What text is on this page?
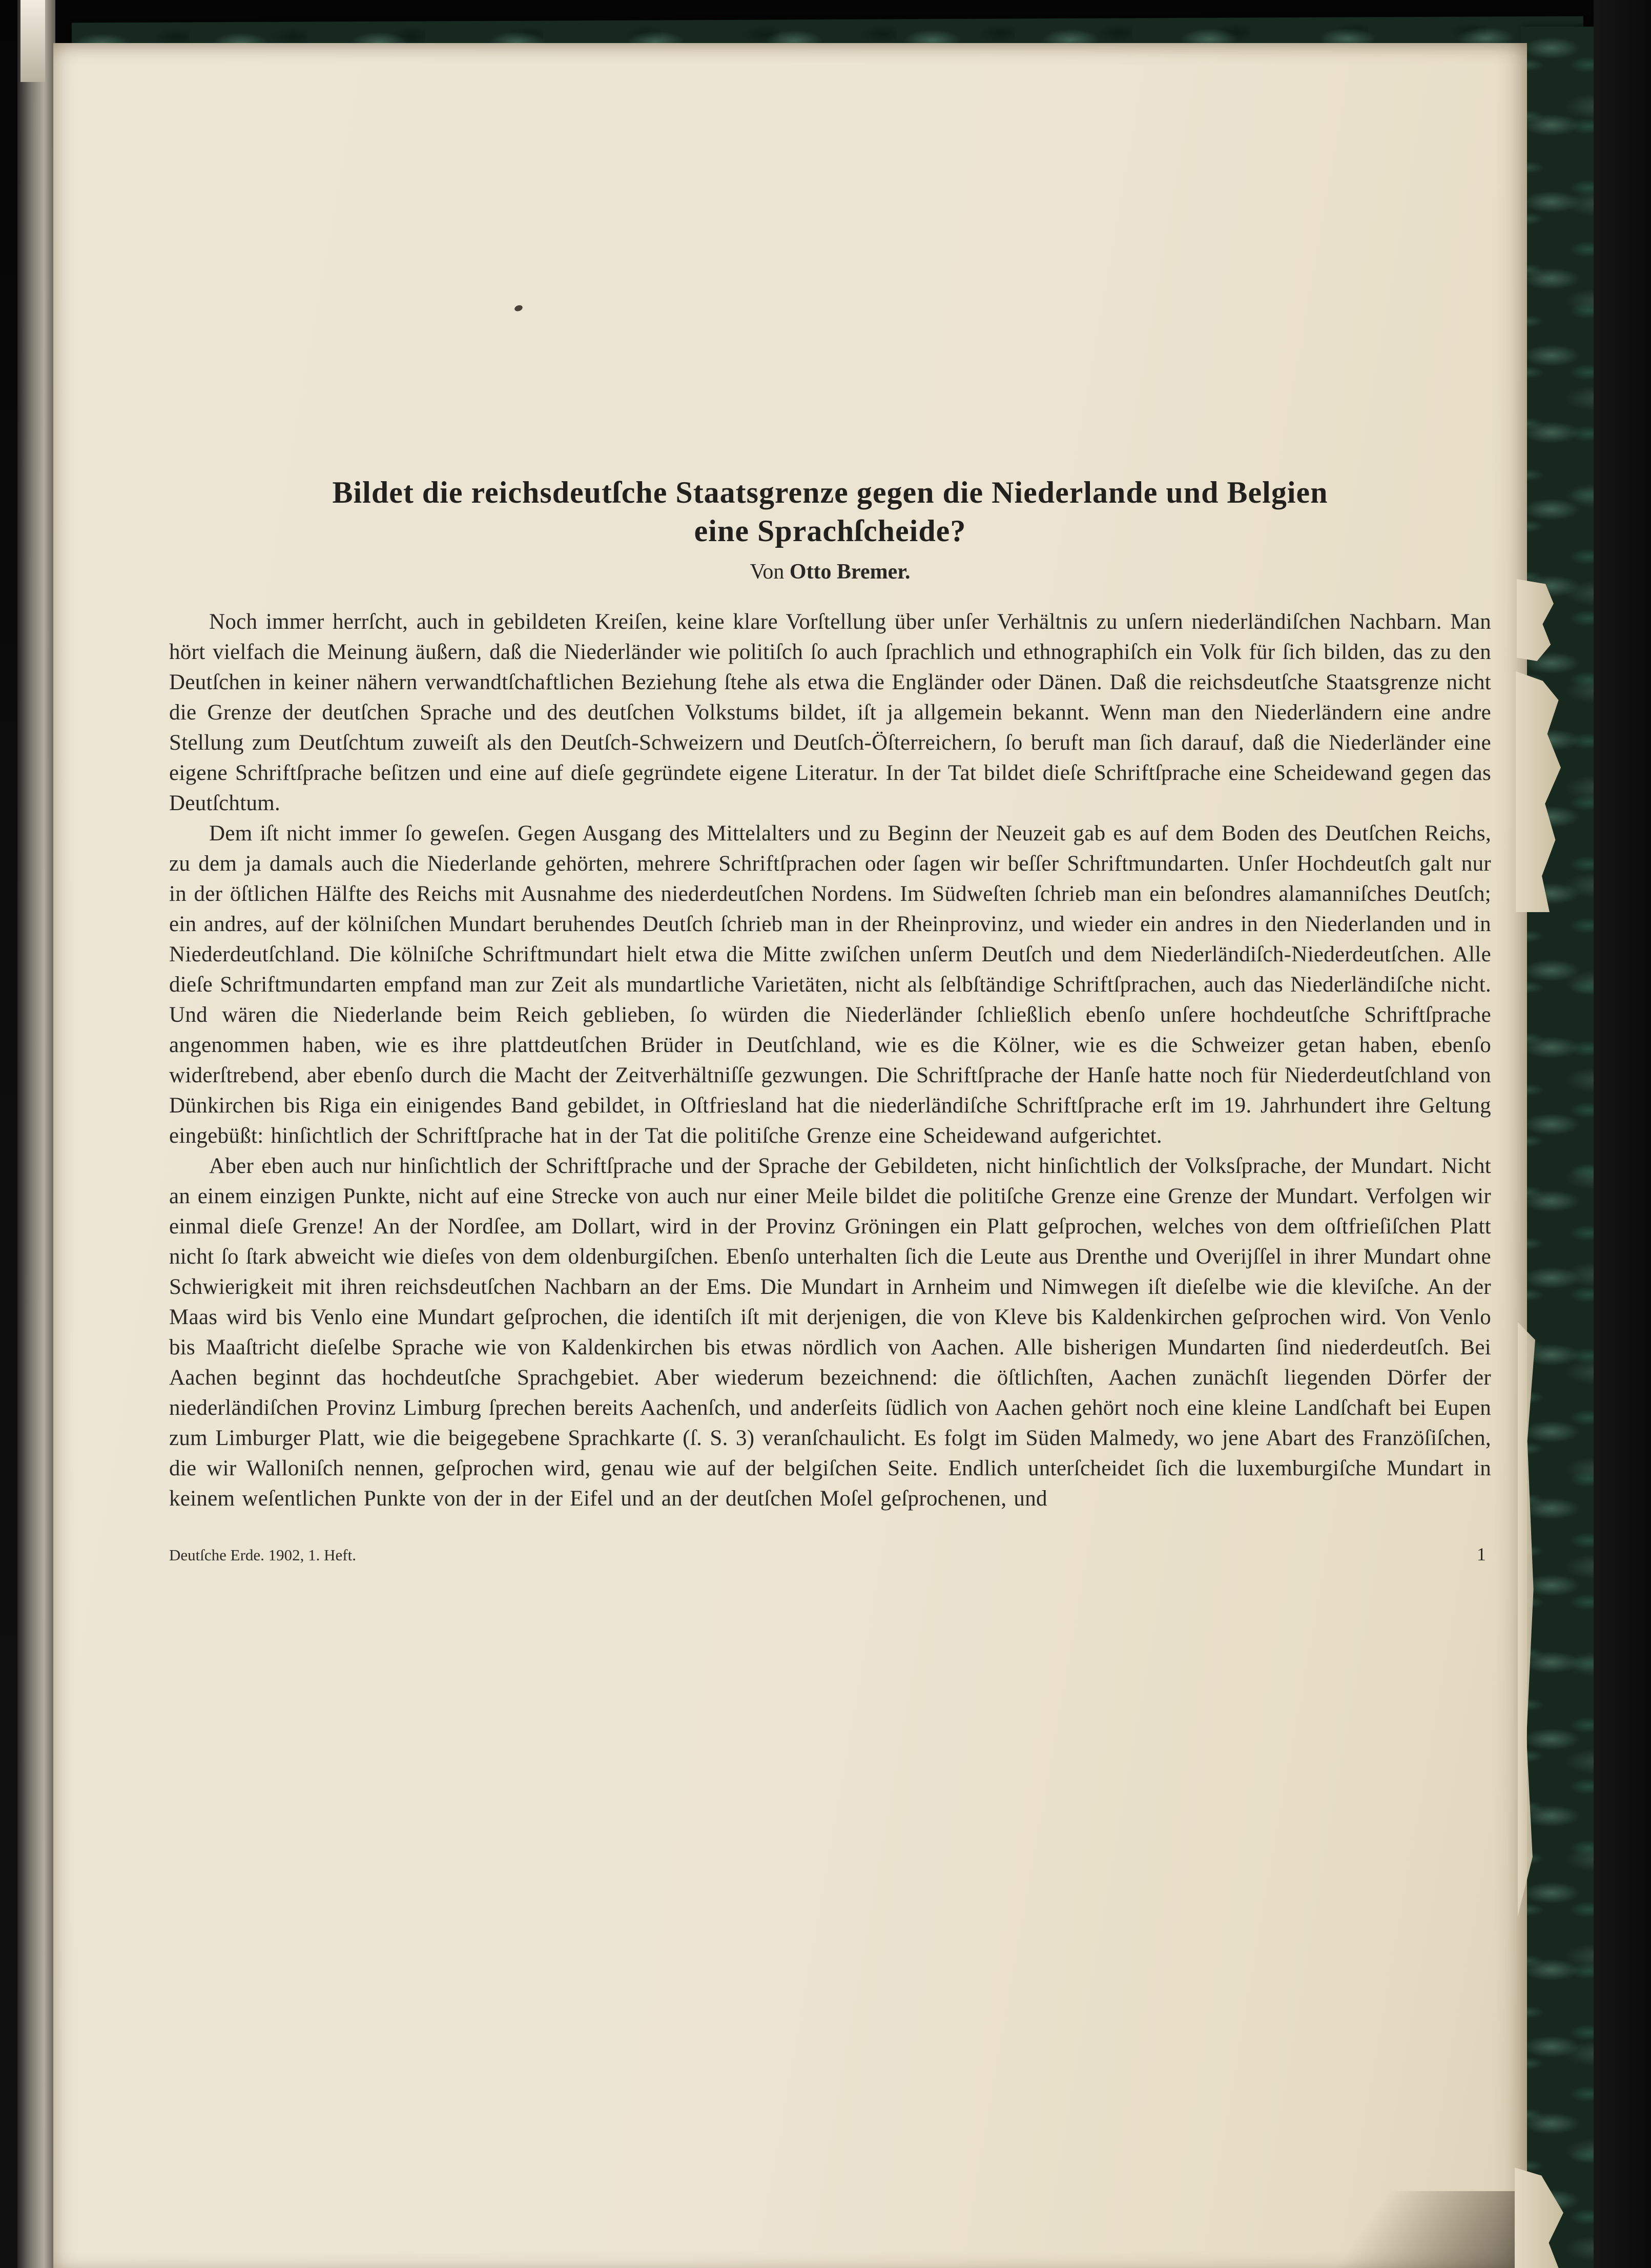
Bildet die reichsdeutſche Staatsgrenze gegen die Niederlande und Belgien
eine Sprachſcheide?
Von Otto Bremer.

Noch immer herrſcht, auch in gebildeten Kreiſen, keine klare Vorſtellung über unſer Verhältnis zu unſern niederländiſchen Nachbarn. Man hört vielfach die Meinung äußern, daß die Niederländer wie politiſch ſo auch ſprachlich und ethnographiſch ein Volk für ſich bilden, das zu den Deutſchen in keiner nähern verwandtſchaftlichen Beziehung ſtehe als etwa die Engländer oder Dänen. Daß die reichsdeutſche Staatsgrenze nicht die Grenze der deutſchen Sprache und des deutſchen Volkstums bildet, iſt ja allgemein bekannt. Wenn man den Niederländern eine andre Stellung zum Deutſchtum zuweiſt als den Deutſch-Schweizern und Deutſch-Öſterreichern, ſo beruft man ſich darauf, daß die Niederländer eine eigene Schriftſprache beſitzen und eine auf dieſe gegründete eigene Literatur. In der Tat bildet dieſe Schriftſprache eine Scheidewand gegen das Deutſchtum.

Dem iſt nicht immer ſo geweſen. Gegen Ausgang des Mittelalters und zu Beginn der Neuzeit gab es auf dem Boden des Deutſchen Reichs, zu dem ja damals auch die Niederlande gehörten, mehrere Schriftſprachen oder ſagen wir beſſer Schriftmundarten. Unſer Hochdeutſch galt nur in der öſtlichen Hälfte des Reichs mit Ausnahme des niederdeutſchen Nordens. Im Südweſten ſchrieb man ein beſondres alamanniſches Deutſch; ein andres, auf der kölniſchen Mundart beruhendes Deutſch ſchrieb man in der Rheinprovinz, und wieder ein andres in den Niederlanden und in Niederdeutſchland. Die kölniſche Schriftmundart hielt etwa die Mitte zwiſchen unſerm Deutſch und dem Niederländiſch-Niederdeutſchen. Alle dieſe Schriftmundarten empfand man zur Zeit als mundartliche Varietäten, nicht als ſelbſtändige Schriftſprachen, auch das Niederländiſche nicht. Und wären die Niederlande beim Reich geblieben, ſo würden die Niederländer ſchließlich ebenſo unſere hochdeutſche Schriftſprache angenommen haben, wie es ihre plattdeutſchen Brüder in Deutſchland, wie es die Kölner, wie es die Schweizer getan haben, ebenſo widerſtrebend, aber ebenſo durch die Macht der Zeitverhältniſſe gezwungen. Die Schriftſprache der Hanſe hatte noch für Niederdeutſchland von Dünkirchen bis Riga ein einigendes Band gebildet, in Oſtfriesland hat die niederländiſche Schriftſprache erſt im 19. Jahrhundert ihre Geltung eingebüßt: hinſichtlich der Schriftſprache hat in der Tat die politiſche Grenze eine Scheidewand aufgerichtet.

Aber eben auch nur hinſichtlich der Schriftſprache und der Sprache der Gebildeten, nicht hinſichtlich der Volksſprache, der Mundart. Nicht an einem einzigen Punkte, nicht auf eine Strecke von auch nur einer Meile bildet die politiſche Grenze eine Grenze der Mundart. Verfolgen wir einmal dieſe Grenze! An der Nordſee, am Dollart, wird in der Provinz Gröningen ein Platt geſprochen, welches von dem oſtfrieſiſchen Platt nicht ſo ſtark abweicht wie dieſes von dem oldenburgiſchen. Ebenſo unterhalten ſich die Leute aus Drenthe und Overijſſel in ihrer Mundart ohne Schwierigkeit mit ihren reichsdeutſchen Nachbarn an der Ems. Die Mundart in Arnheim und Nimwegen iſt dieſelbe wie die kleviſche. An der Maas wird bis Venlo eine Mundart geſprochen, die identiſch iſt mit derjenigen, die von Kleve bis Kaldenkirchen geſprochen wird. Von Venlo bis Maaſtricht dieſelbe Sprache wie von Kaldenkirchen bis etwas nördlich von Aachen. Alle bisherigen Mundarten ſind niederdeutſch. Bei Aachen beginnt das hochdeutſche Sprachgebiet. Aber wiederum bezeichnend: die öſtlichſten, Aachen zunächſt liegenden Dörfer der niederländiſchen Provinz Limburg ſprechen bereits Aachenſch, und anderſeits ſüdlich von Aachen gehört noch eine kleine Landſchaft bei Eupen zum Limburger Platt, wie die beigegebene Sprachkarte (ſ. S. 3) veranſchaulicht. Es folgt im Süden Malmedy, wo jene Abart des Franzöſiſchen, die wir Walloniſch nennen, geſprochen wird, genau wie auf der belgiſchen Seite. Endlich unterſcheidet ſich die luxemburgiſche Mundart in keinem weſentlichen Punkte von der in der Eifel und an der deutſchen Moſel geſprochenen, und

Deutſche Erde. 1902, 1. Heft.	1
